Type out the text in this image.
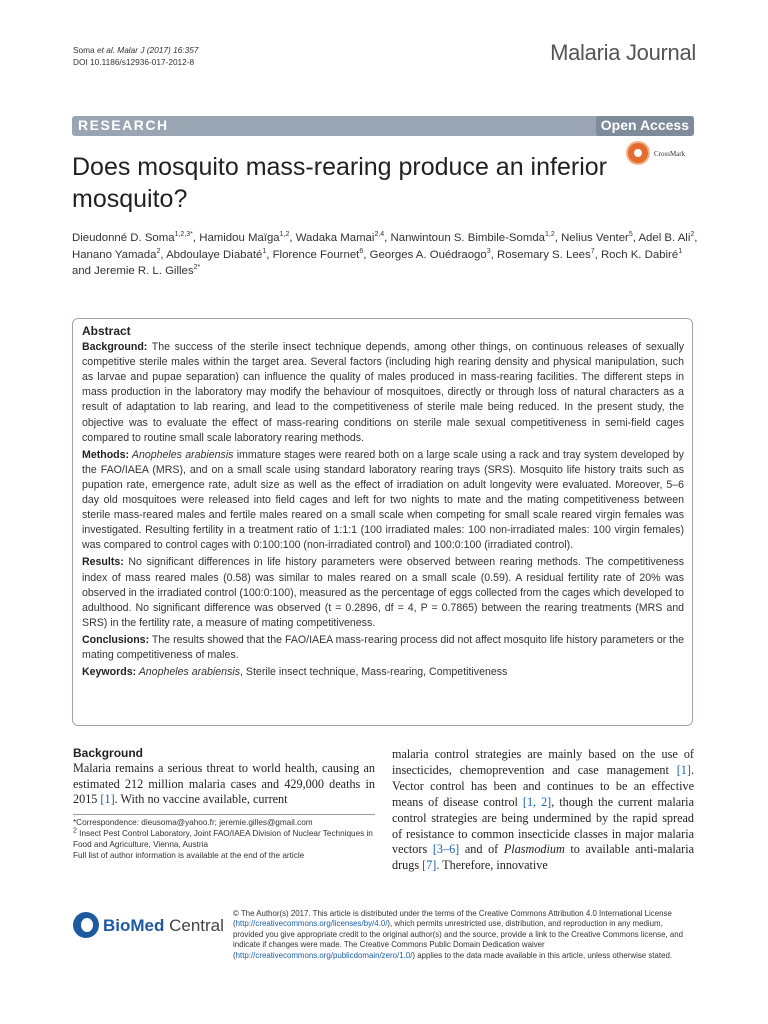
Soma et al. Malar J (2017) 16:357
DOI 10.1186/s12936-017-2012-8	Malaria Journal
RESEARCH	Open Access
CrossMark
Does mosquito mass-rearing produce an inferior mosquito?
Dieudonné D. Soma$^{1,2,3*}$, Hamidou Maïga$^{1,2}$, Wadaka Mamai$^{2,4}$, Nanwintoun S. Bimbile-Somda$^{1,2}$, Nelius Venter$^5$, Adel B. Ali$^2$, Hanano Yamada$^2$, Abdoulaye Diabaté$^1$, Florence Fournet$^6$, Georges A. Ouédraogo$^3$, Rosemary S. Lees$^7$, Roch K. Dabiré$^1$ and Jeremie R. L. Gilles$^{2*}$
Abstract

Background: The success of the sterile insect technique depends, among other things, on continuous releases of sexually competitive sterile males within the target area. Several factors (including high rearing density and physical manipulation, such as larvae and pupae separation) can influence the quality of males produced in mass-rearing facilities. The different steps in mass production in the laboratory may modify the behaviour of mosquitoes, directly or through loss of natural characters as a result of adaptation to lab rearing, and lead to the competitiveness of sterile male being reduced. In the present study, the objective was to evaluate the effect of mass-rearing conditions on sterile male sexual competitiveness in semi-field cages compared to routine small scale laboratory rearing methods.

Methods: Anopheles arabiensis immature stages were reared both on a large scale using a rack and tray system developed by the FAO/IAEA (MRS), and on a small scale using standard laboratory rearing trays (SRS). Mosquito life history traits such as pupation rate, emergence rate, adult size as well as the effect of irradiation on adult longevity were evaluated. Moreover, 5–6 day old mosquitoes were released into field cages and left for two nights to mate and the mating competitiveness between sterile mass-reared males and fertile males reared on a small scale when competing for small scale reared virgin females was investigated. Resulting fertility in a treatment ratio of 1:1:1 (100 irradiated males: 100 non-irradiated males: 100 virgin females) was compared to control cages with 0:100:100 (non-irradiated control) and 100:0:100 (irradiated control).

Results: No significant differences in life history parameters were observed between rearing methods. The competitiveness index of mass reared males (0.58) was similar to males reared on a small scale (0.59). A residual fertility rate of 20% was observed in the irradiated control (100:0:100), measured as the percentage of eggs collected from the cages which developed to adulthood. No significant difference was observed (t = 0.2896, df = 4, P = 0.7865) between the rearing treatments (MRS and SRS) in the fertility rate, a measure of mating competitiveness.

Conclusions: The results showed that the FAO/IAEA mass-rearing process did not affect mosquito life history parameters or the mating competitiveness of males.

Keywords: Anopheles arabiensis, Sterile insect technique, Mass-rearing, Competitiveness

Background

Malaria remains a serious threat to world health, causing an estimated 212 million malaria cases and 429,000 deaths in 2015 [1]. With no vaccine available, current

malaria control strategies are mainly based on the use of insecticides, chemoprevention and case management [1]. Vector control has been and continues to be an effective means of disease control [1, 2], though the current malaria control strategies are being undermined by the rapid spread of resistance to common insecticide classes in major malaria vectors [3–6] and of Plasmodium to available anti-malaria drugs [7]. Therefore, innovative

*Correspondence: dieusoma@yahoo.fr; jeremie.gilles@gmail.com

$^2$ Insect Pest Control Laboratory, Joint FAO/IAEA Division of Nuclear Techniques in Food and Agriculture, Vienna, Austria

Full list of author information is available at the end of the article

BioMed Central

© The Author(s) 2017. This article is distributed under the terms of the Creative Commons Attribution 4.0 International License (http://creativecommons.org/licenses/by/4.0/), which permits unrestricted use, distribution, and reproduction in any medium, provided you give appropriate credit to the original author(s) and the source, provide a link to the Creative Commons license, and indicate if changes were made. The Creative Commons Public Domain Dedication waiver (http://creativecommons.org/publicdomain/zero/1.0/) applies to the data made available in this article, unless otherwise stated.
